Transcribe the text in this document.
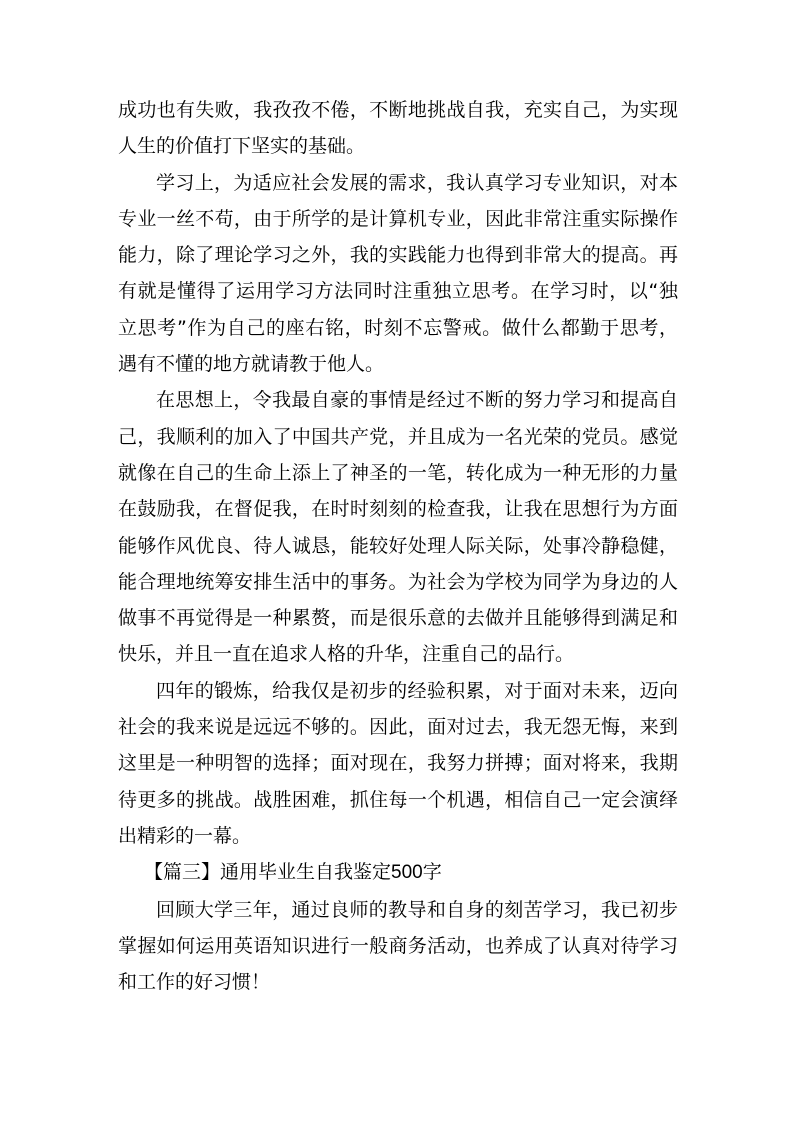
成功也有失败，我孜孜不倦，不断地挑战自我，充实自己，为实现人生的价值打下坚实的基础。

学习上，为适应社会发展的需求，我认真学习专业知识，对本专业一丝不苟，由于所学的是计算机专业，因此非常注重实际操作能力，除了理论学习之外，我的实践能力也得到非常大的提高。再有就是懂得了运用学习方法同时注重独立思考。在学习时，以“独立思考”作为自己的座右铭，时刻不忘警戒。做什么都勤于思考，遇有不懂的地方就请教于他人。

在思想上，令我最自豪的事情是经过不断的努力学习和提高自己，我顺利的加入了中国共产党，并且成为一名光荣的党员。感觉就像在自己的生命上添上了神圣的一笔，转化成为一种无形的力量在鼓励我，在督促我，在时时刻刻的检查我，让我在思想行为方面能够作风优良、待人诚恳，能较好处理人际关际，处事冷静稳健，能合理地统筹安排生活中的事务。为社会为学校为同学为身边的人做事不再觉得是一种累赘，而是很乐意的去做并且能够得到满足和快乐，并且一直在追求人格的升华，注重自己的品行。

四年的锻炼，给我仅是初步的经验积累，对于面对未来，迈向社会的我来说是远远不够的。因此，面对过去，我无怨无悔，来到这里是一种明智的选择；面对现在，我努力拼搏；面对将来，我期待更多的挑战。战胜困难，抓住每一个机遇，相信自己一定会演绎出精彩的一幕。

【篇三】通用毕业生自我鉴定500字

回顾大学三年，通过良师的教导和自身的刻苦学习，我已初步掌握如何运用英语知识进行一般商务活动，也养成了认真对待学习和工作的好习惯！
